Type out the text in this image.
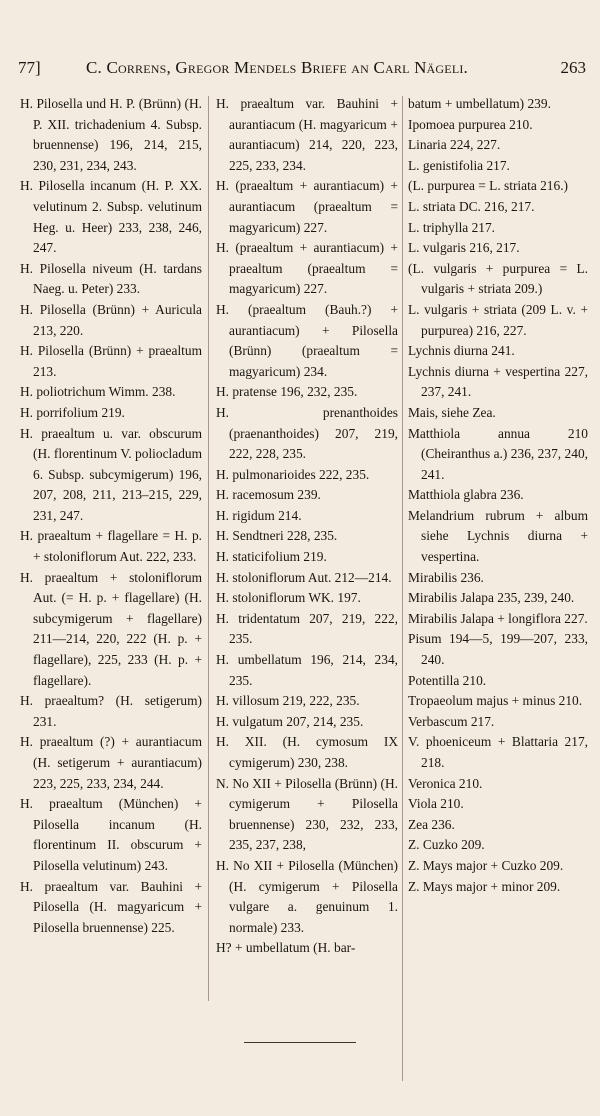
77]	C. Correns, Gregor Mendels Briefe an Carl Nägeli.	263
H. Pilosella und H. P. (Brünn) (H. P. XII. trichadenium 4. Subsp. bruennense) 196, 214, 215, 230, 231, 234, 243.
H. Pilosella incanum (H. P. XX. velutinum 2. Subsp. velutinum Heg. u. Heer) 233, 238, 246, 247.
H. Pilosella niveum (H. tardans Naeg. u. Peter) 233.
H. Pilosella (Brünn) + Auricula 213, 220.
H. Pilosella (Brünn) + praealtum 213.
H. poliotrichum Wimm. 238.
H. porrifolium 219.
H. praealtum u. var. obscurum (H. florentinum V. poliocladum 6. Subsp. subcymigerum) 196, 207, 208, 211, 213–215, 229, 231, 247.
H. praealtum + flagellare = H. p. + stoloniflorum Aut. 222, 233.
H. praealtum + stoloniflorum Aut. (= H. p. + flagellare) (H. subcymigerum + flagellare) 211—214, 220, 222 (H. p. + flagellare), 225, 233 (H. p. + flagellare).
H. praealtum? (H. setigerum) 231.
H. praealtum (?) + aurantiacum (H. setigerum + aurantiacum) 223, 225, 233, 234, 244.
H. praealtum (München) + Pilosella incanum (H. florentinum II. obscurum + Pilosella velutinum) 243.
H. praealtum var. Bauhini + Pilosella (H. magyaricum + Pilosella bruennense) 225.
H. praealtum var. Bauhini + aurantiacum (H. magyaricum + aurantiacum) 214, 220, 223, 225, 233, 234.
H. (praealtum + aurantiacum) + aurantiacum (praealtum = magyaricum) 227.
H. (praealtum + aurantiacum) + praealtum (praealtum = magyaricum) 227.
H. (praealtum (Bauh.?) + aurantiacum) + Pilosella (Brünn) (praealtum = magyaricum) 234.
H. pratense 196, 232, 235.
H. prenanthoides (praenanthoides) 207, 219, 222, 228, 235.
H. pulmonarioides 222, 235.
H. racemosum 239.
H. rigidum 214.
H. Sendtneri 228, 235.
H. staticifolium 219.
H. stoloniflorum Aut. 212—214.
H. stoloniflorum WK. 197.
H. tridentatum 207, 219, 222, 235.
H. umbellatum 196, 214, 234, 235.
H. villosum 219, 222, 235.
H. vulgatum 207, 214, 235.
H. XII. (H. cymosum IX cymigerum) 230, 238.
N. No XII + Pilosella (Brünn) (H. cymigerum + Pilosella bruennense) 230, 232, 233, 235, 237, 238,
H. No XII + Pilosella (München) (H. cymigerum + Pilosella vulgare a. genuinum 1. normale) 233.
H? + umbellatum (H. bar-
batum + umbellatum) 239.
Ipomoea purpurea 210.
Linaria 224, 227.
L. genistifolia 217.
(L. purpurea = L. striata 216.)
L. striata DC. 216, 217.
L. triphylla 217.
L. vulgaris 216, 217.
(L. vulgaris + purpurea = L. vulgaris + striata 209.)
L. vulgaris + striata (209 L. v. + purpurea) 216, 227.
Lychnis diurna 241.
Lychnis diurna + vespertina 227, 237, 241.
Mais, siehe Zea.
Matthiola annua 210 (Cheiranthus a.) 236, 237, 240, 241.
Matthiola glabra 236.
Melandrium rubrum + album siehe Lychnis diurna + vespertina.
Mirabilis 236.
Mirabilis Jalapa 235, 239, 240.
Mirabilis Jalapa + longiflora 227.
Pisum 194—5, 199—207, 233, 240.
Potentilla 210.
Tropaeolum majus + minus 210.
Verbascum 217.
V. phoeniceum + Blattaria 217, 218.
Veronica 210.
Viola 210.
Zea 236.
Z. Cuzko 209.
Z. Mays major + Cuzko 209.
Z. Mays major + minor 209.
